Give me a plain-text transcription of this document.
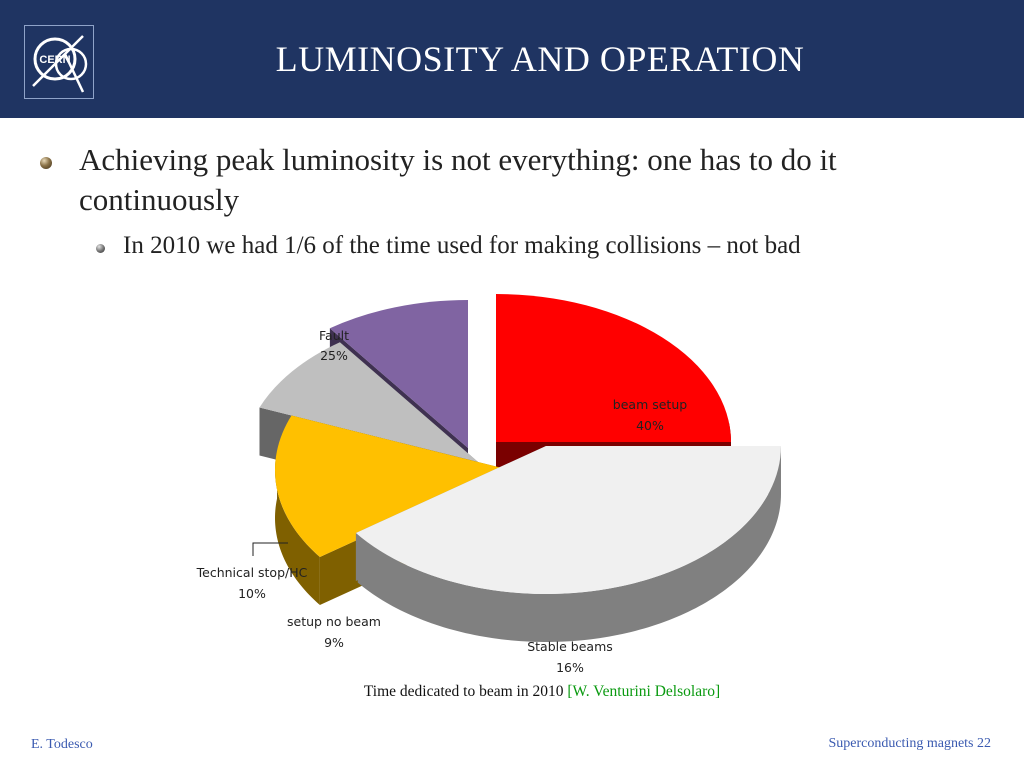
CERN	LUMINOSITY AND OPERATION
Achieving peak luminosity is not everything: one has to do it continuously
In 2010 we had 1/6 of the time used for making collisions – not bad
Fault
25%
beam setup
40%
Stable beams
16%
setup no beam
9%
Technical stop/HC
10%
Time dedicated to beam in 2010 [W. Venturini Delsolaro]
E. Todesco	Superconducting magnets 22
